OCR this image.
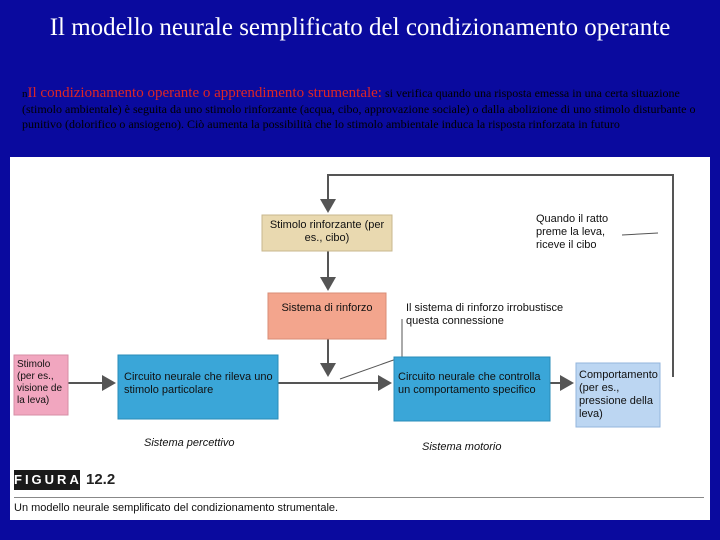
Il modello neurale semplificato del condizionamento operante
nIl condizionamento operante o apprendimento strumentale: si verifica quando una risposta emessa in una certa situazione (stimolo ambientale) è seguita da uno stimolo rinforzante (acqua, cibo, approvazione sociale) o dalla abolizione di uno stimolo disturbante o punitivo (dolorifico o ansiogeno). Ciò aumenta la possibilità che lo stimolo ambientale induca la risposta rinforzata in futuro
Stimolo rinforzante (per es., cibo)
Quando il ratto preme la leva, riceve il cibo
Sistema di rinforzo	Il sistema di rinforzo irrobustisce questa connessione
Stimolo (per es., visione de la leva)
Circuito neurale che rileva uno stimolo particolare
Circuito neurale che controlla un comportamento specifico
Comportamento (per es., pressione della leva)
Sistema percettivo	Sistema motorio
FIGURA 12.2
Un modello neurale semplificato del condizionamento strumentale.
